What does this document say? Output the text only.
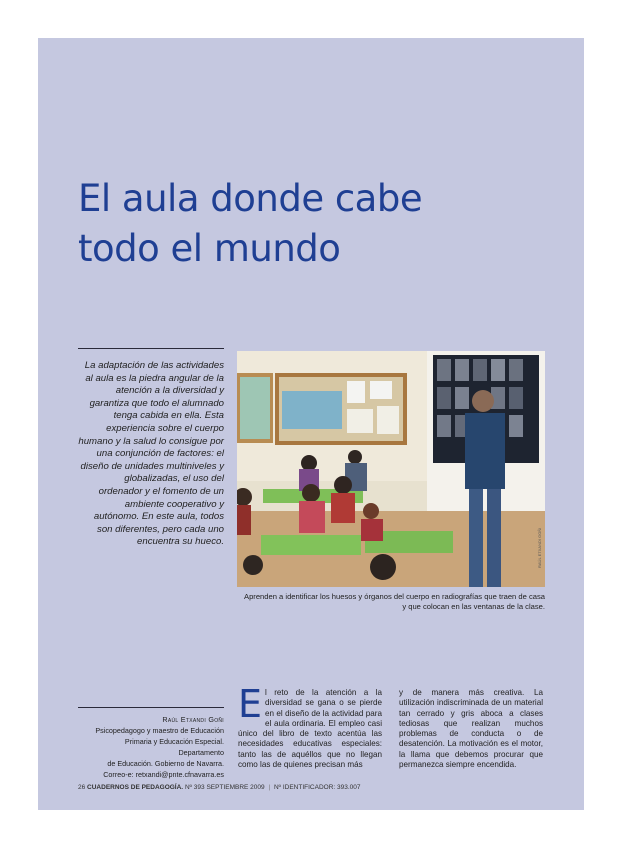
El aula donde cabe
todo el mundo
La adaptación de las actividades al aula es la piedra angular de la atención a la diversidad y garantiza que todo el alumnado tenga cabida en ella. Esta experiencia sobre el cuerpo humano y la salud lo consigue por una conjunción de factores: el diseño de unidades multiniveles y globalizadas, el uso del ordenador y el fomento de un ambiente cooperativo y autónomo. En este aula, todos son diferentes, pero cada uno encuentra su hueco.	RAÚL ETXANDI GOÑI
Aprenden a identificar los huesos y órganos del cuerpo en radiografías que traen de casa
y que colocan en las ventanas de la clase.
Raúl Etxandi Goñi
Psicopedagogo y maestro de Educación
Primaria y Educación Especial. Departamento
de Educación. Gobierno de Navarra.
Correo-e: retxandi@pnte.cfnavarra.es
E l reto de la atención a la diversidad se gana o se pierde en el diseño de la actividad para el aula ordinaria. El empleo casi único del libro de texto acentúa las necesidades educativas especiales: tanto las de aquéllos que no llegan como las de quienes precisan más
y de manera más creativa. La utilización indiscriminada de un material tan cerrado y gris aboca a clases tediosas que realizan muchos problemas de conducta o de desatención. La motivación es el motor, la llama que debemos procurar que permanezca siempre encendida.
26 CUADERNOS DE PEDAGOGÍA. Nº 393 SEPTIEMBRE 2009 | Nº IDENTIFICADOR: 393.007
